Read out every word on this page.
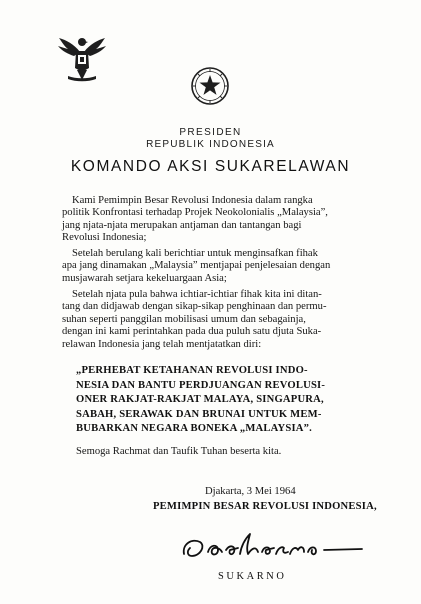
PRESIDEN
REPUBLIK INDONESIA
KOMANDO AKSI SUKARELAWAN
Kami Pemimpin Besar Revolusi Indonesia dalam rangka
politik Konfrontasi terhadap Projek Neokolonialis „Malaysia”,
jang njata-njata merupakan antjaman dan tantangan bagi
Revolusi Indonesia;
Setelah berulang kali berichtiar untuk menginsafkan fihak
apa jang dinamakan „Malaysia” mentjapai penjelesaian dengan
musjawarah setjara kekeluargaan Asia;
Setelah njata pula bahwa ichtiar-ichtiar fihak kita ini ditan-
tang dan didjawab dengan sikap-sikap penghinaan dan permu-
suhan seperti panggilan mobilisasi umum dan sebagainja,
dengan ini kami perintahkan pada dua puluh satu djuta Suka-
relawan Indonesia jang telah mentjatatkan diri:
„PERHEBAT KETAHANAN REVOLUSI INDO-
NESIA DAN BANTU PERDJUANGAN REVOLUSI-
ONER RAKJAT-RAKJAT MALAYA, SINGAPURA,
SABAH, SERAWAK DAN BRUNAI UNTUK MEM-
BUBARKAN NEGARA BONEKA „MALAYSIA”.
Semoga Rachmat dan Taufik Tuhan beserta kita.
Djakarta, 3 Mei 1964
PEMIMPIN BESAR REVOLUSI INDONESIA,
SUKARNO
